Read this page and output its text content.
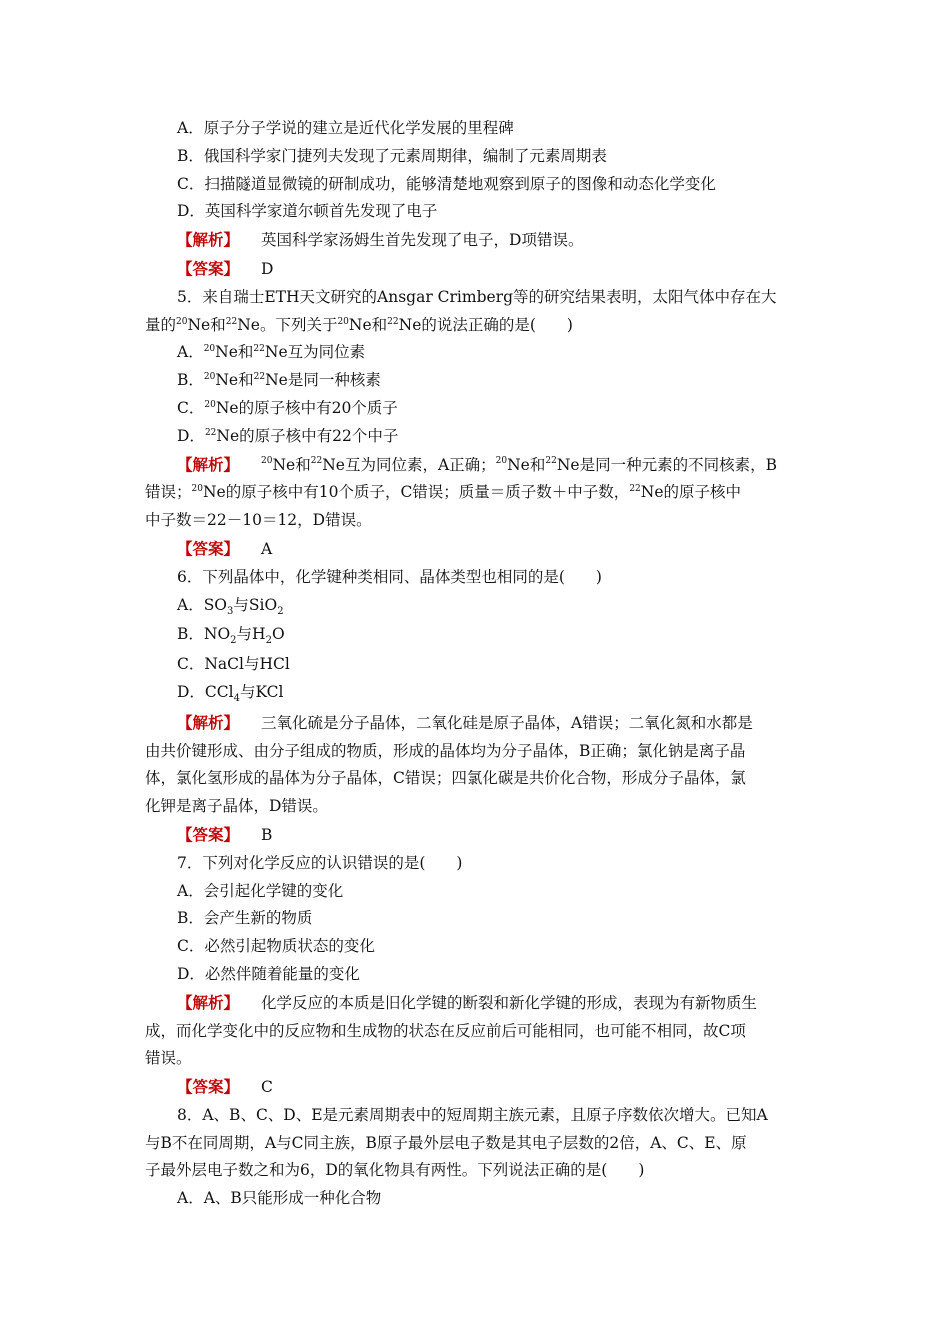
A．原子分子学说的建立是近代化学发展的里程碑
B．俄国科学家门捷列夫发现了元素周期律，编制了元素周期表
C．扫描隧道显微镜的研制成功，能够清楚地观察到原子的图像和动态化学变化
D．英国科学家道尔顿首先发现了电子
【解析】 英国科学家汤姆生首先发现了电子，D项错误。
【答案】 D
5．来自瑞士ETH天文研究的Ansgar Crimberg等的研究结果表明，太阳气体中存在大
量的$^{20}$Ne和$^{22}$Ne。下列关于$^{20}$Ne和$^{22}$Ne的说法正确的是(　　)
A．$^{20}$Ne和$^{22}$Ne互为同位素
B．$^{20}$Ne和$^{22}$Ne是同一种核素
C．$^{20}$Ne的原子核中有20个质子
D．$^{22}$Ne的原子核中有22个中子
【解析】 $^{20}$Ne和$^{22}$Ne互为同位素，A正确；$^{20}$Ne和$^{22}$Ne是同一种元素的不同核素，B
错误；$^{20}$Ne的原子核中有10个质子，C错误；质量＝质子数＋中子数，$^{22}$Ne的原子核中
中子数＝22－10＝12，D错误。
【答案】 A
6．下列晶体中，化学键种类相同、晶体类型也相同的是(　　)
A．$SO_3$与SiO$_2$
B．$NO_2$与$H_2O$
C．NaCl与HCl
D．CCl$_4$与KCl
【解析】 三氧化硫是分子晶体，二氧化硅是原子晶体，A错误；二氧化氮和水都是
由共价键形成、由分子组成的物质，形成的晶体均为分子晶体，B正确；氯化钠是离子晶
体，氯化氢形成的晶体为分子晶体，C错误；四氯化碳是共价化合物，形成分子晶体，氯
化钾是离子晶体，D错误。
【答案】 B
7．下列对化学反应的认识错误的是(　　)
A．会引起化学键的变化
B．会产生新的物质
C．必然引起物质状态的变化
D．必然伴随着能量的变化
【解析】 化学反应的本质是旧化学键的断裂和新化学键的形成，表现为有新物质生
成，而化学变化中的反应物和生成物的状态在反应前后可能相同，也可能不相同，故C项
错误。
【答案】 C
8．A、B、C、D、E是元素周期表中的短周期主族元素，且原子序数依次增大。已知A
与B不在同周期，A与C同主族，B原子最外层电子数是其电子层数的2倍，A、C、E、原
子最外层电子数之和为6，D的氧化物具有两性。下列说法正确的是(　　)
A．A、B只能形成一种化合物
